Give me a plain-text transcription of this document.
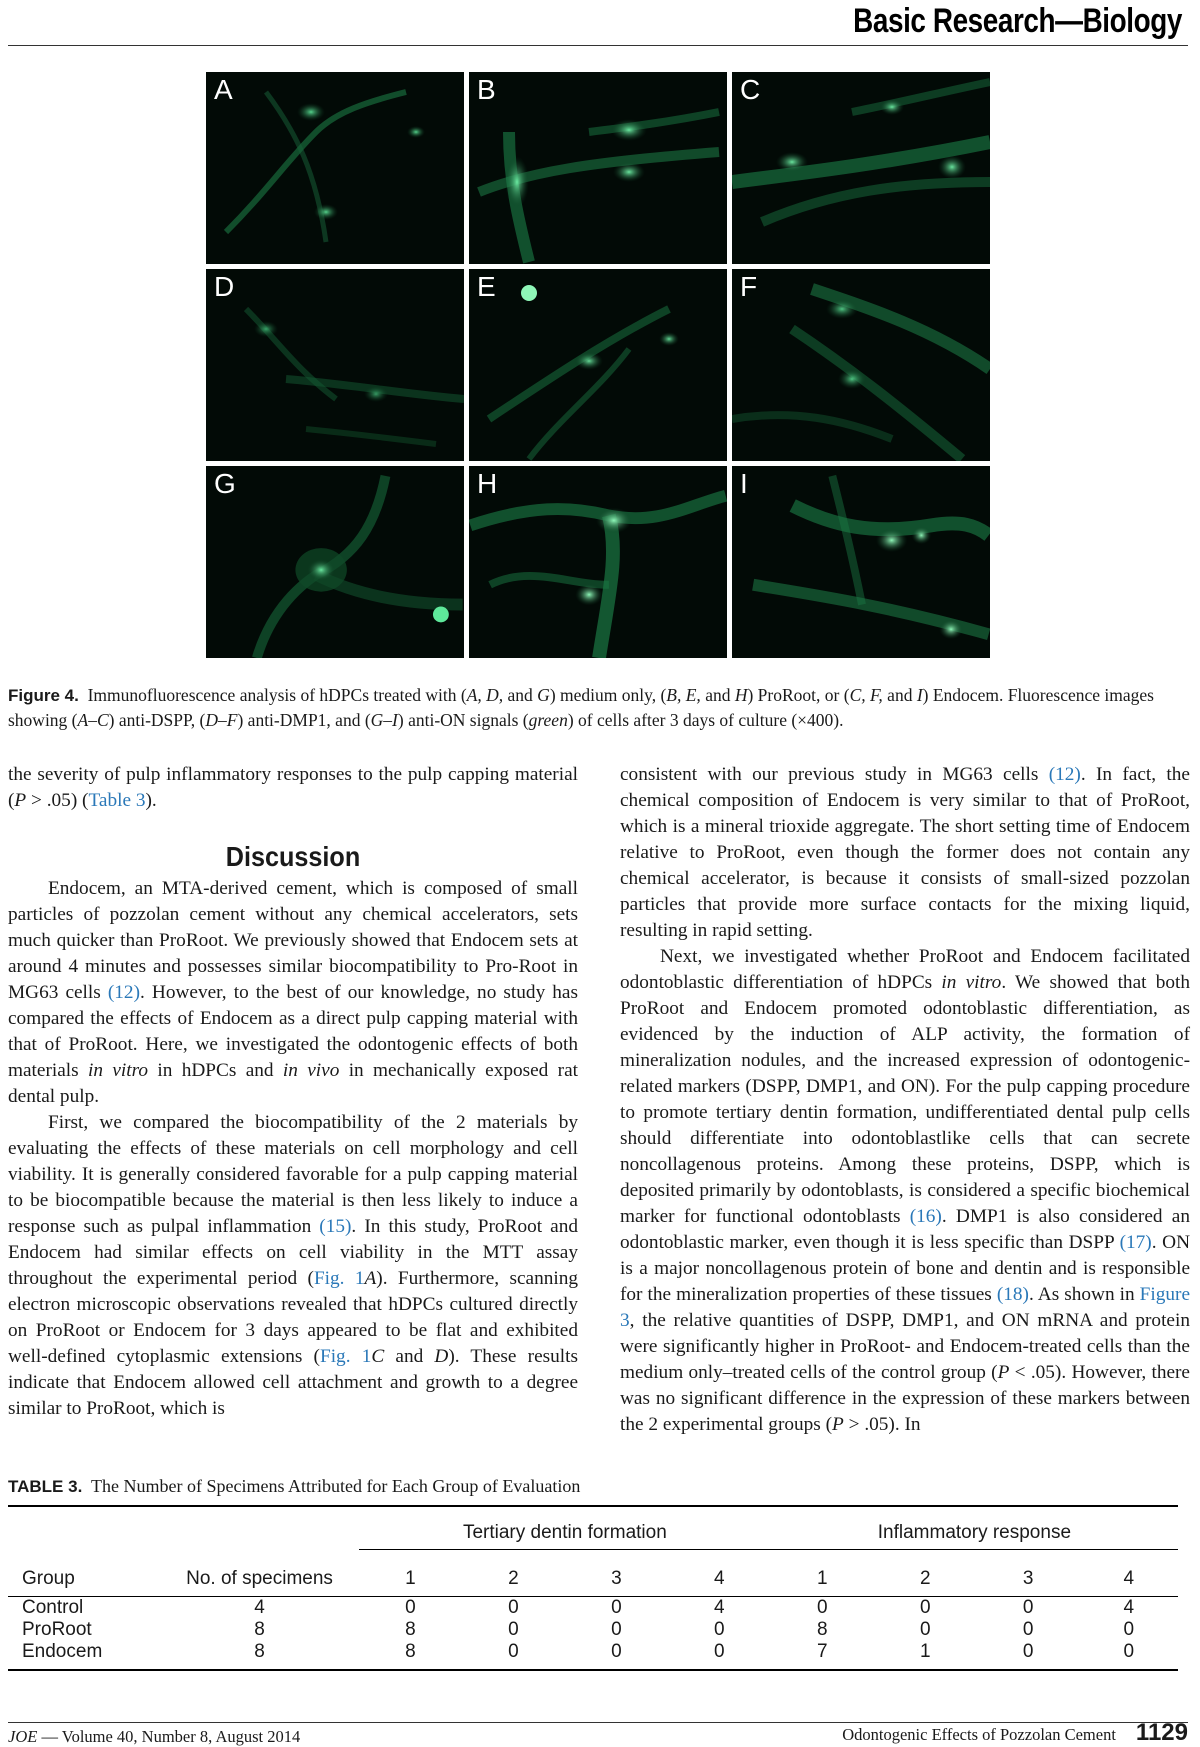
Basic Research—Biology
A	B	C
D	E	F
G	H	I
Figure 4. Immunofluorescence analysis of hDPCs treated with (A, D, and G) medium only, (B, E, and H) ProRoot, or (C, F, and I) Endocem. Fluorescence images showing (A–C) anti-DSPP, (D–F) anti-DMP1, and (G–I) anti-ON signals (green) of cells after 3 days of culture (×400).

the severity of pulp inflammatory responses to the pulp capping material (P > .05) (Table 3).

Discussion

Endocem, an MTA-derived cement, which is composed of small particles of pozzolan cement without any chemical accelerators, sets much quicker than ProRoot. We previously showed that Endocem sets at around 4 minutes and possesses similar biocompatibility to Pro-Root in MG63 cells (12). However, to the best of our knowledge, no study has compared the effects of Endocem as a direct pulp capping material with that of ProRoot. Here, we investigated the odontogenic effects of both materials in vitro in hDPCs and in vivo in mechanically exposed rat dental pulp.

First, we compared the biocompatibility of the 2 materials by evaluating the effects of these materials on cell morphology and cell viability. It is generally considered favorable for a pulp capping material to be biocompatible because the material is then less likely to induce a response such as pulpal inflammation (15). In this study, ProRoot and Endocem had similar effects on cell viability in the MTT assay throughout the experimental period (Fig. 1A). Furthermore, scanning electron microscopic observations revealed that hDPCs cultured directly on ProRoot or Endocem for 3 days appeared to be flat and exhibited well-defined cytoplasmic extensions (Fig. 1C and D). These results indicate that Endocem allowed cell attachment and growth to a degree similar to ProRoot, which is

consistent with our previous study in MG63 cells (12). In fact, the chemical composition of Endocem is very similar to that of ProRoot, which is a mineral trioxide aggregate. The short setting time of Endocem relative to ProRoot, even though the former does not contain any chemical accelerator, is because it consists of small-sized pozzolan particles that provide more surface contacts for the mixing liquid, resulting in rapid setting.

Next, we investigated whether ProRoot and Endocem facilitated odontoblastic differentiation of hDPCs in vitro. We showed that both ProRoot and Endocem promoted odontoblastic differentiation, as evidenced by the induction of ALP activity, the formation of mineralization nodules, and the increased expression of odontogenic-related markers (DSPP, DMP1, and ON). For the pulp capping procedure to promote tertiary dentin formation, undifferentiated dental pulp cells should differentiate into odontoblastlike cells that can secrete noncollagenous proteins. Among these proteins, DSPP, which is deposited primarily by odontoblasts, is considered a specific biochemical marker for functional odontoblasts (16). DMP1 is also considered an odontoblastic marker, even though it is less specific than DSPP (17). ON is a major noncollagenous protein of bone and dentin and is responsible for the mineralization properties of these tissues (18). As shown in Figure 3, the relative quantities of DSPP, DMP1, and ON mRNA and protein were significantly higher in ProRoot- and Endocem-treated cells than the medium only–treated cells of the control group (P < .05). However, there was no significant difference in the expression of these markers between the 2 experimental groups (P > .05). In

TABLE 3. The Number of Specimens Attributed for Each Group of Evaluation

		Tertiary dentin formation				Inflammatory response			
Group	No. of specimens	1	2	3	4	1	2	3	4
Control	4	0	0	0	4	0	0	0	4
ProRoot	8	8	0	0	0	8	0	0	0
Endocem	8	8	0	0	0	7	1	0	0

JOE — Volume 40, Number 8, August 2014	Odontogenic Effects of Pozzolan Cement 1129
